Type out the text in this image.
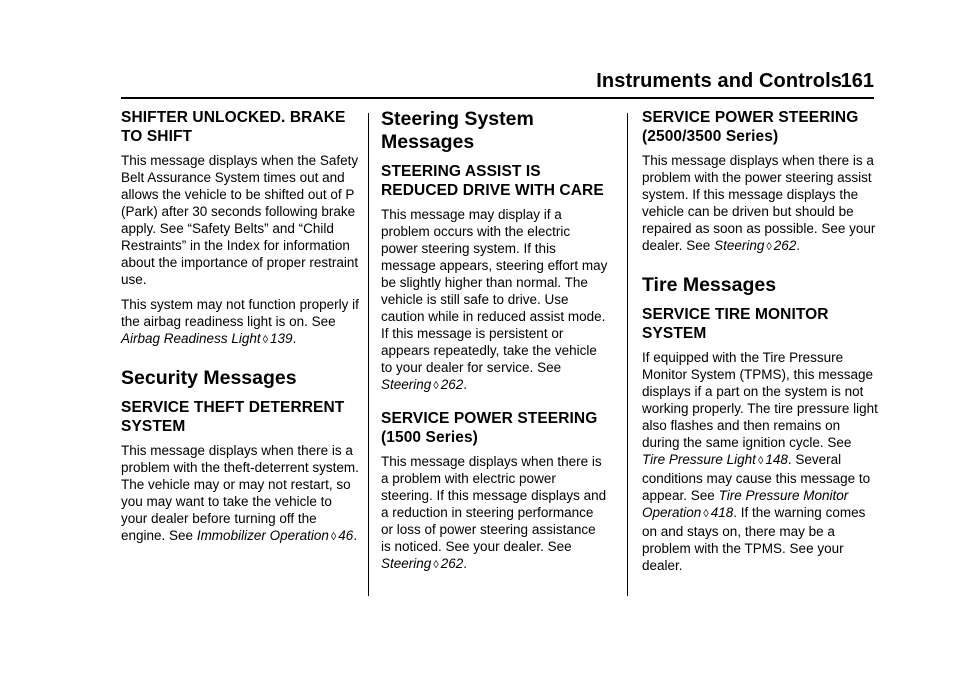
Instruments and Controls
161
SHIFTER UNLOCKED. BRAKE TO SHIFT

This message displays when the Safety Belt Assurance System times out and allows the vehicle to be shifted out of P (Park) after 30 seconds following brake apply. See “Safety Belts” and “Child Restraints” in the Index for information about the importance of proper restraint use.

This system may not function properly if the airbag readiness light is on. See Airbag Readiness Light ◊ 139.

Security Messages
SERVICE THEFT DETERRENT SYSTEM

This message displays when there is a problem with the theft-deterrent system. The vehicle may or may not restart, so you may want to take the vehicle to your dealer before turning off the engine. See Immobilizer Operation ◊ 46.

Steering System Messages
STEERING ASSIST IS REDUCED DRIVE WITH CARE

This message may display if a problem occurs with the electric power steering system. If this message appears, steering effort may be slightly higher than normal. The vehicle is still safe to drive. Use caution while in reduced assist mode. If this message is persistent or appears repeatedly, take the vehicle to your dealer for service. See Steering ◊ 262.

SERVICE POWER STEERING (1500 Series)

This message displays when there is a problem with electric power steering. If this message displays and a reduction in steering performance or loss of power steering assistance is noticed. See your dealer. See Steering ◊ 262.

SERVICE POWER STEERING (2500/3500 Series)

This message displays when there is a problem with the power steering assist system. If this message displays the vehicle can be driven but should be repaired as soon as possible. See your dealer. See Steering ◊ 262.

Tire Messages
SERVICE TIRE MONITOR SYSTEM

If equipped with the Tire Pressure Monitor System (TPMS), this message displays if a part on the system is not working properly. The tire pressure light also flashes and then remains on during the same ignition cycle. See Tire Pressure Light ◊ 148. Several conditions may cause this message to appear. See Tire Pressure Monitor Operation ◊ 418. If the warning comes on and stays on, there may be a problem with the TPMS. See your dealer.
